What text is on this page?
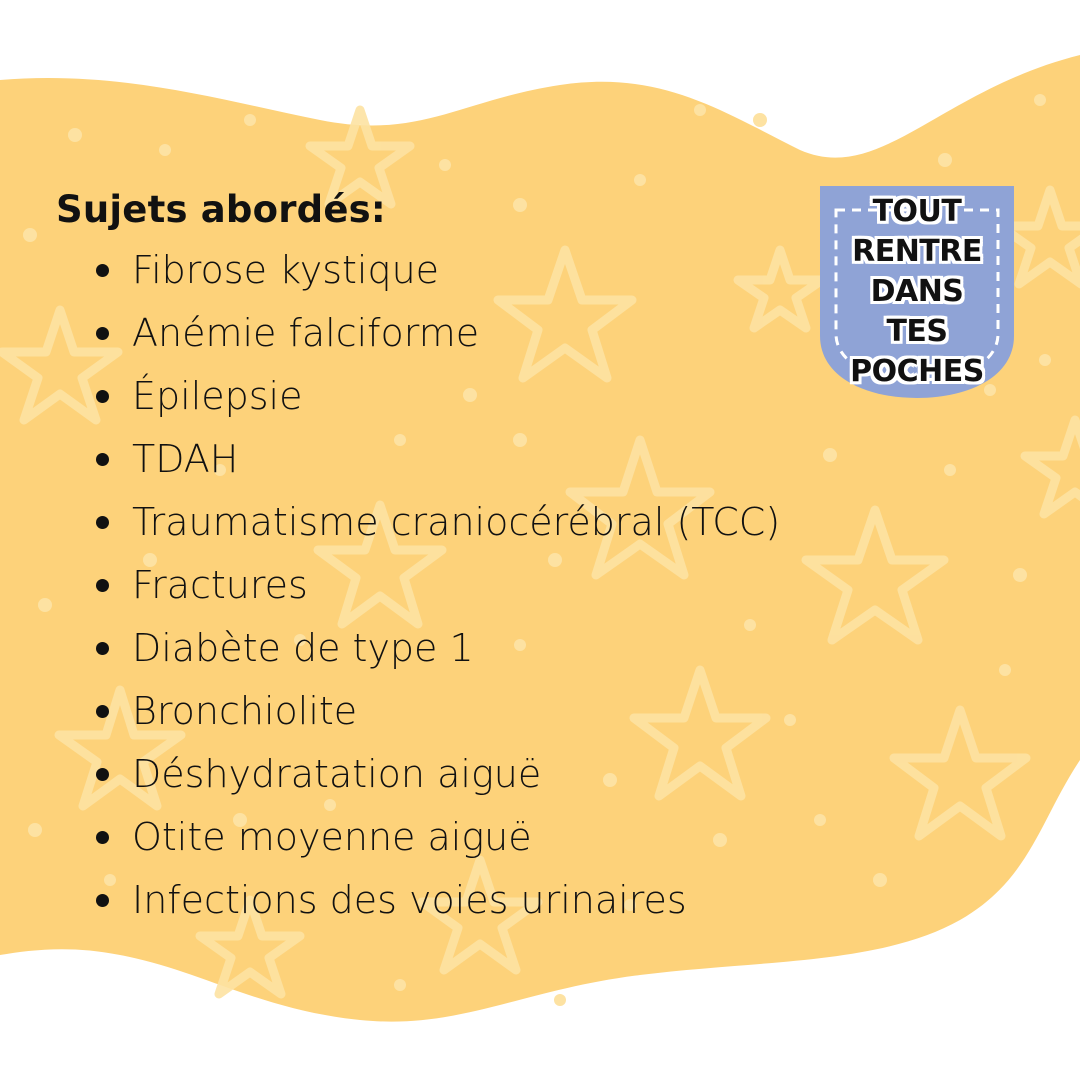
Sujets abordés:
Fibrose kystique
Anémie falciforme
Épilepsie
TDAH
Traumatisme craniocérébral (TCC)
Fractures
Diabète de type 1
Bronchiolite
Déshydratation aiguë
Otite moyenne aiguë
Infections des voies urinaires
TOUT
RENTRE
DANS
TES
POCHES
